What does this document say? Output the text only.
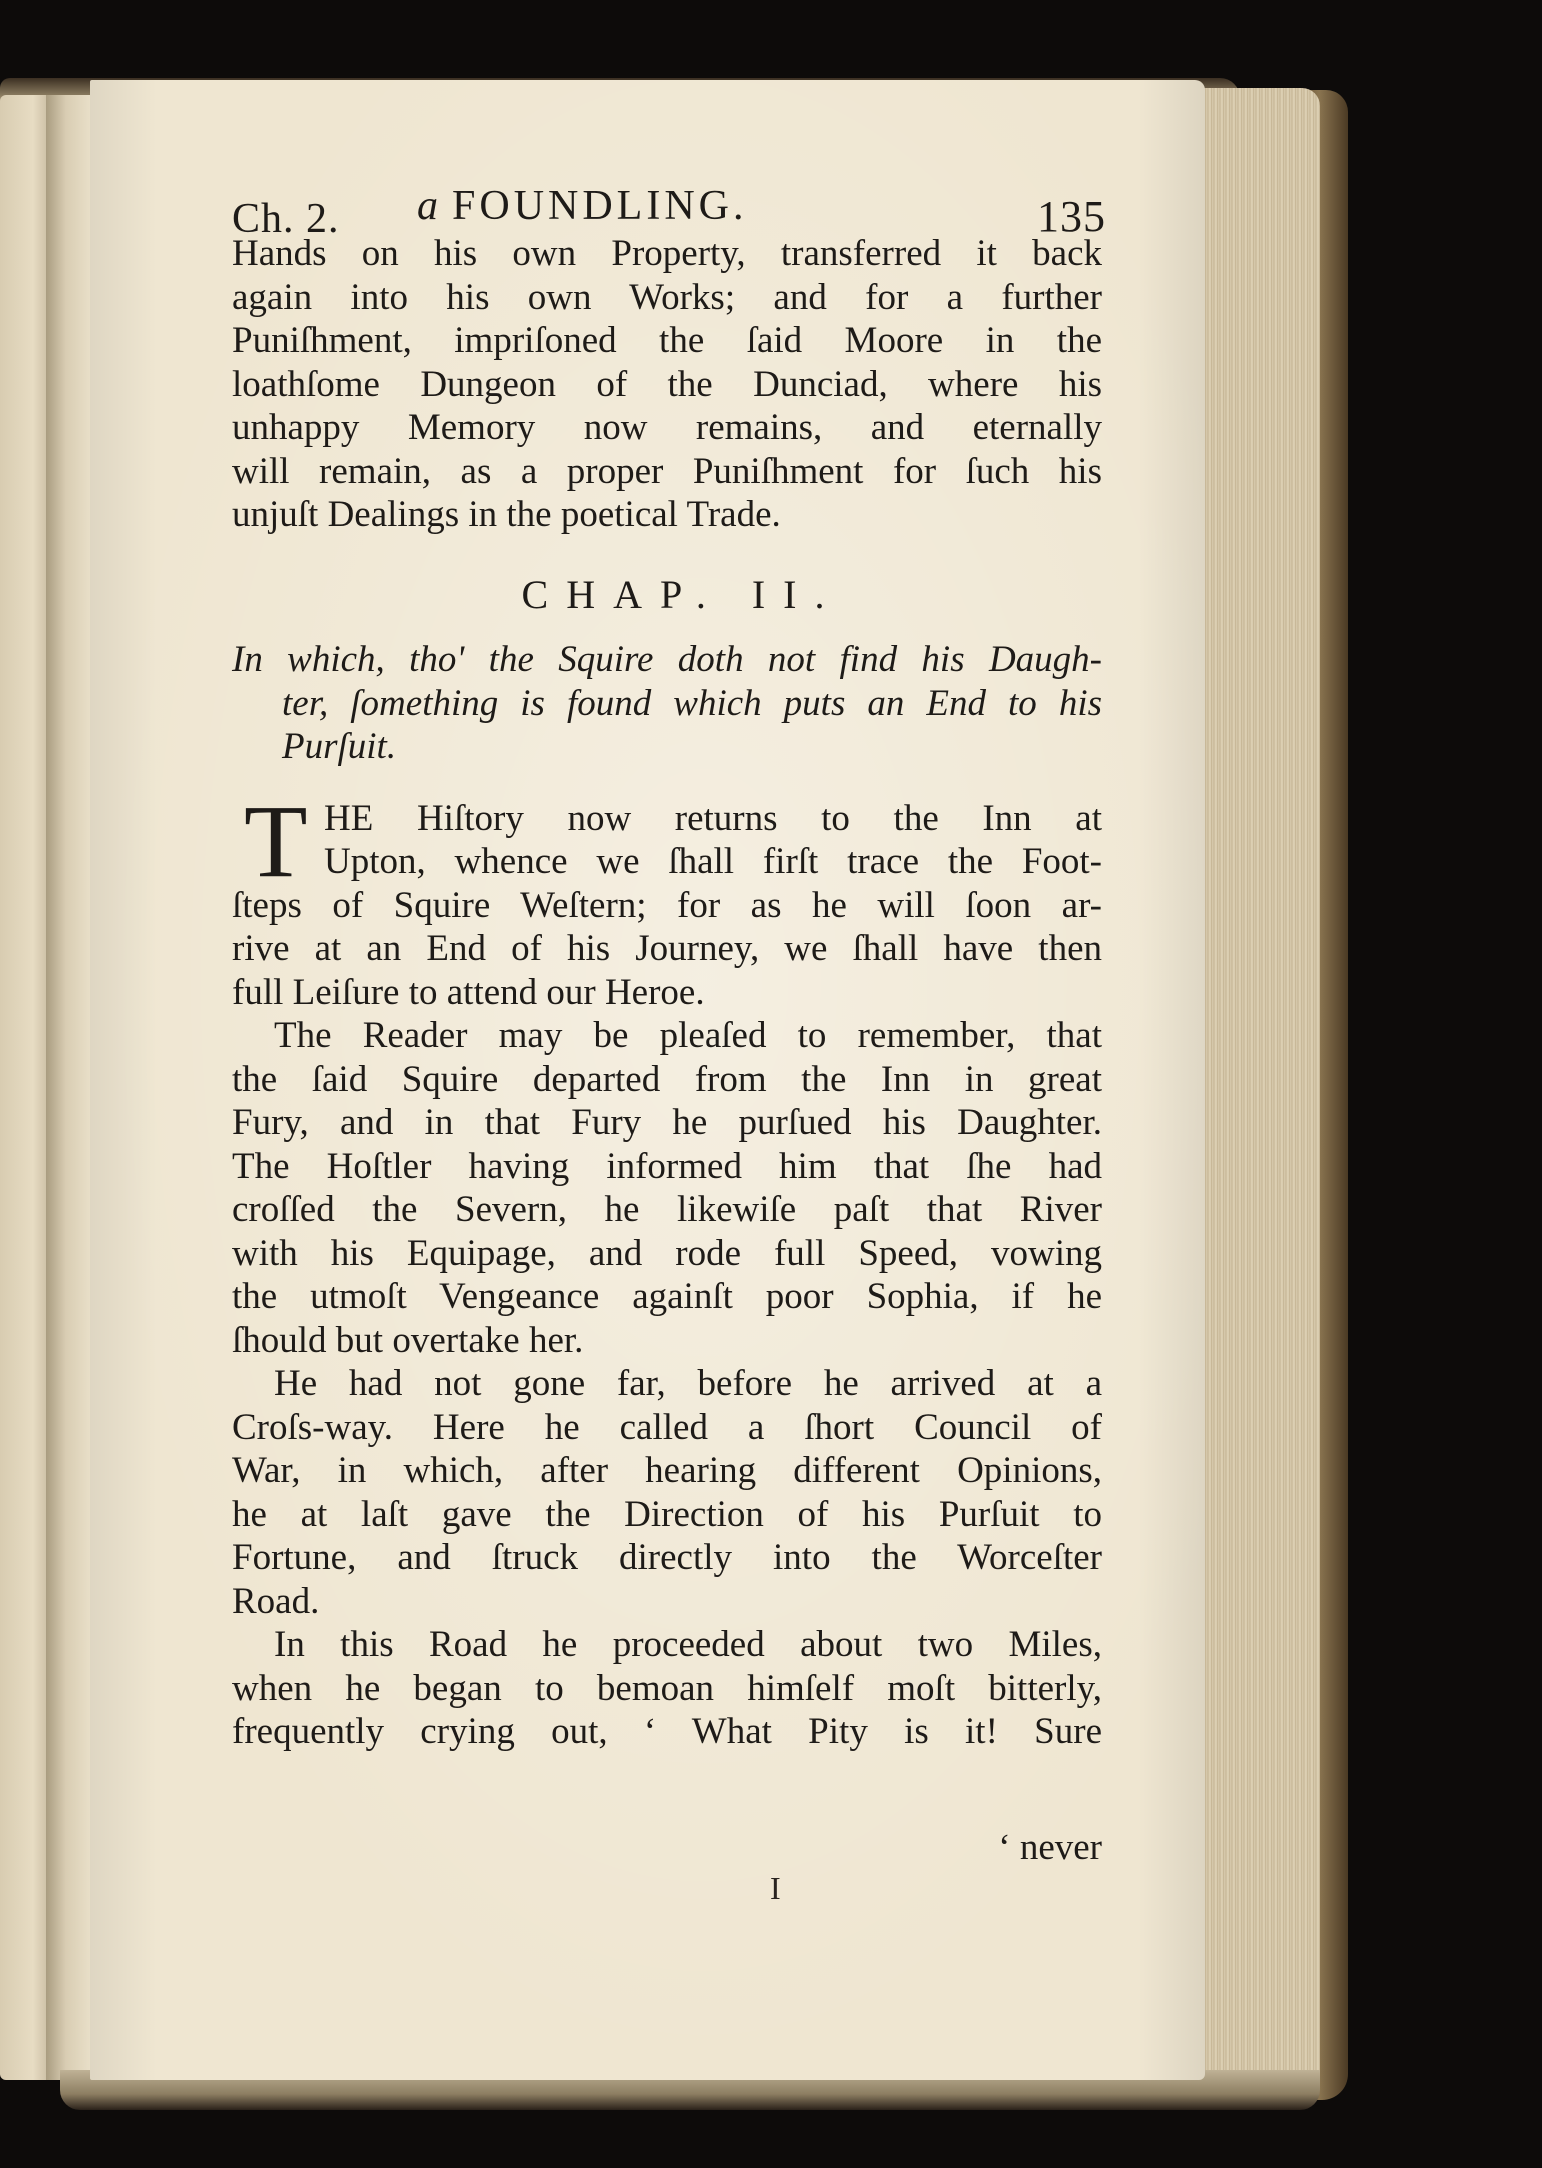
Ch. 2. a FOUNDLING.	135
Hands on his own Property, transferred it back
again into his own Works; and for a further
Puniſhment, impriſoned the ſaid Moore in the
loathſome Dungeon of the Dunciad, where his
unhappy Memory now remains, and eternally
will remain, as a proper Puniſhment for ſuch his
unjuſt Dealings in the poetical Trade.
CHAP. II.
In which, tho' the Squire doth not find his Daugh-
ter, ſomething is found which puts an End to his
Purſuit.
T HE Hiſtory now returns to the Inn at
Upton, whence we ſhall firſt trace the Foot-
ſteps of Squire Weſtern; for as he will ſoon ar-
rive at an End of his Journey, we ſhall have then
full Leiſure to attend our Heroe.
The Reader may be pleaſed to remember, that
the ſaid Squire departed from the Inn in great
Fury, and in that Fury he purſued his Daughter.
The Hoſtler having informed him that ſhe had
croſſed the Severn, he likewiſe paſt that River
with his Equipage, and rode full Speed, vowing
the utmoſt Vengeance againſt poor Sophia, if he
ſhould but overtake her.
He had not gone far, before he arrived at a
Croſs-way. Here he called a ſhort Council of
War, in which, after hearing different Opinions,
he at laſt gave the Direction of his Purſuit to
Fortune, and ſtruck directly into the Worceſter
Road.
In this Road he proceeded about two Miles,
when he began to bemoan himſelf moſt bitterly,
frequently crying out, ‘ What Pity is it! Sure
‘ never
I
